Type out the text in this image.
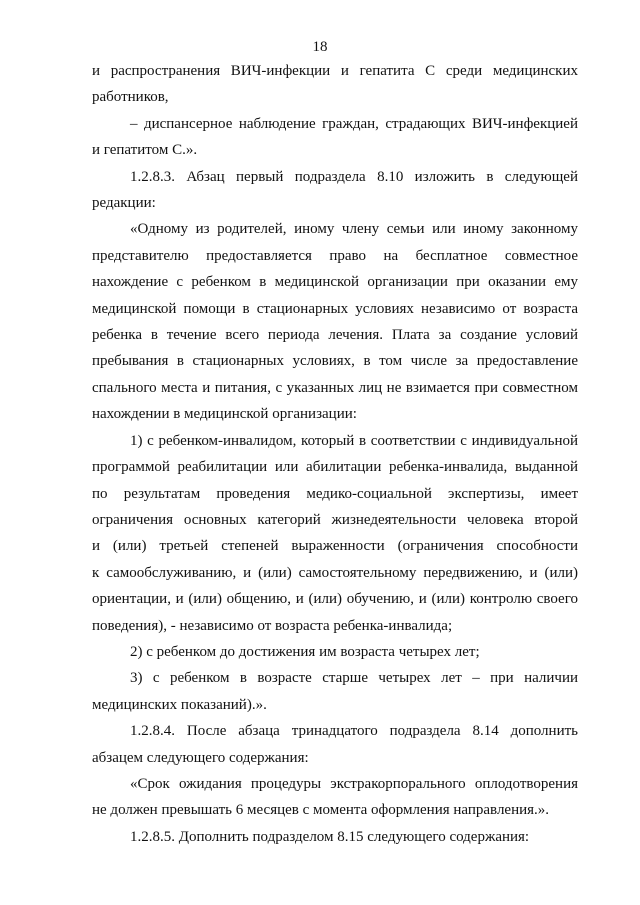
18

и распространения ВИЧ-инфекции и гепатита С среди медицинских

работников,

– диспансерное наблюдение граждан, страдающих ВИЧ-инфекцией

и гепатитом С.».

1.2.8.3. Абзац первый подраздела 8.10 изложить в следующей

редакции:

«Одному из родителей, иному члену семьи или иному законному

представителю предоставляется право на бесплатное совместное

нахождение с ребенком в медицинской организации при оказании ему

медицинской помощи в стационарных условиях независимо от возраста

ребенка в течение всего периода лечения. Плата за создание условий

пребывания в стационарных условиях, в том числе за предоставление

спального места и питания, с указанных лиц не взимается при совместном

нахождении в медицинской организации:

1) с ребенком-инвалидом, который в соответствии с индивидуальной

программой реабилитации или абилитации ребенка-инвалида, выданной

по результатам проведения медико-социальной экспертизы, имеет

ограничения основных категорий жизнедеятельности человека второй

и (или) третьей степеней выраженности (ограничения способности

к самообслуживанию, и (или) самостоятельному передвижению, и (или)

ориентации, и (или) общению, и (или) обучению, и (или) контролю своего

поведения), - независимо от возраста ребенка-инвалида;

2) с ребенком до достижения им возраста четырех лет;

3) с ребенком в возрасте старше четырех лет – при наличии

медицинских показаний).».

1.2.8.4. После абзаца тринадцатого подраздела 8.14 дополнить

абзацем следующего содержания:

«Срок ожидания процедуры экстракорпорального оплодотворения

не должен превышать 6 месяцев с момента оформления направления.».

1.2.8.5. Дополнить подразделом 8.15 следующего содержания:
